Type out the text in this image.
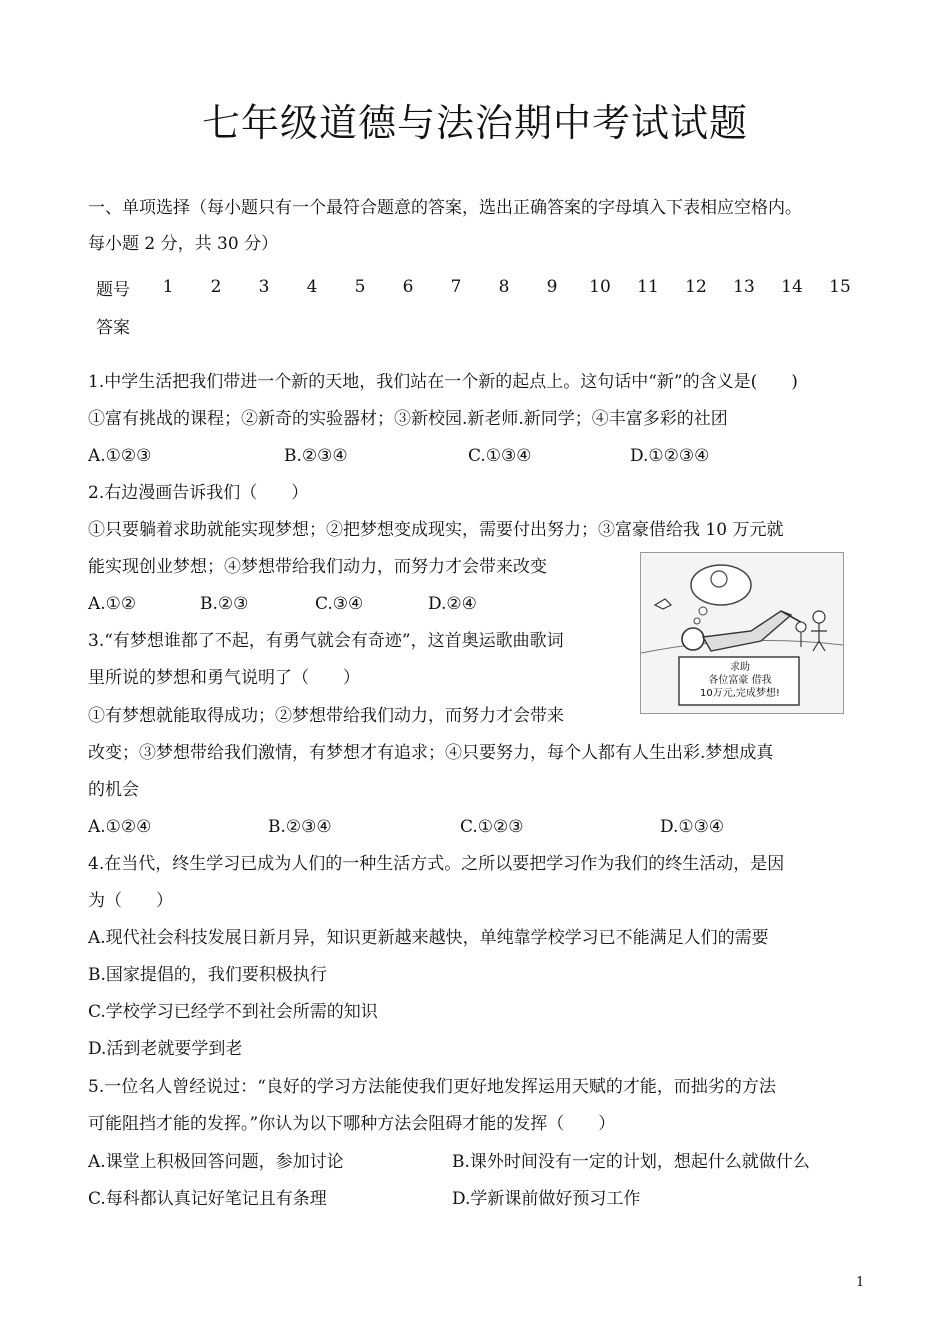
七年级道德与法治期中考试试题
一、单项选择（每小题只有一个最符合题意的答案，选出正确答案的字母填入下表相应空格内。
每小题 2 分，共 30 分）
题号	1	2	3	4	5	6	7	8	9	10	11	12	13	14	15
答案
1.中学生活把我们带进一个新的天地，我们站在一个新的起点上。这句话中“新”的含义是(　　)
①富有挑战的课程；②新奇的实验器材；③新校园.新老师.新同学；④丰富多彩的社团
A.①②③	B.②③④	C.①③④	D.①②③④
2.右边漫画告诉我们（　　）
①只要躺着求助就能实现梦想；②把梦想变成现实，需要付出努力；③富豪借给我 10 万元就
能实现创业梦想；④梦想带给我们动力，而努力才会带来改变
A.①②	B.②③	C.③④	D.②④
求助
各位富豪 借我
10万元,完成梦想!
3.“有梦想谁都了不起，有勇气就会有奇迹”，这首奥运歌曲歌词
里所说的梦想和勇气说明了（　　）
①有梦想就能取得成功；②梦想带给我们动力，而努力才会带来
改变；③梦想带给我们激情，有梦想才有追求；④只要努力，每个人都有人生出彩.梦想成真
的机会
A.①②④	B.②③④	C.①②③	D.①③④
4.在当代，终生学习已成为人们的一种生活方式。之所以要把学习作为我们的终生活动，是因
为（　　）
A.现代社会科技发展日新月异，知识更新越来越快，单纯靠学校学习已不能满足人们的需要
B.国家提倡的，我们要积极执行
C.学校学习已经学不到社会所需的知识
D.活到老就要学到老
5.一位名人曾经说过：“良好的学习方法能使我们更好地发挥运用天赋的才能，而拙劣的方法
可能阻挡才能的发挥。”你认为以下哪种方法会阻碍才能的发挥（　　）
A.课堂上积极回答问题，参加讨论	B.课外时间没有一定的计划，想起什么就做什么
C.每科都认真记好笔记且有条理	D.学新课前做好预习工作
1
